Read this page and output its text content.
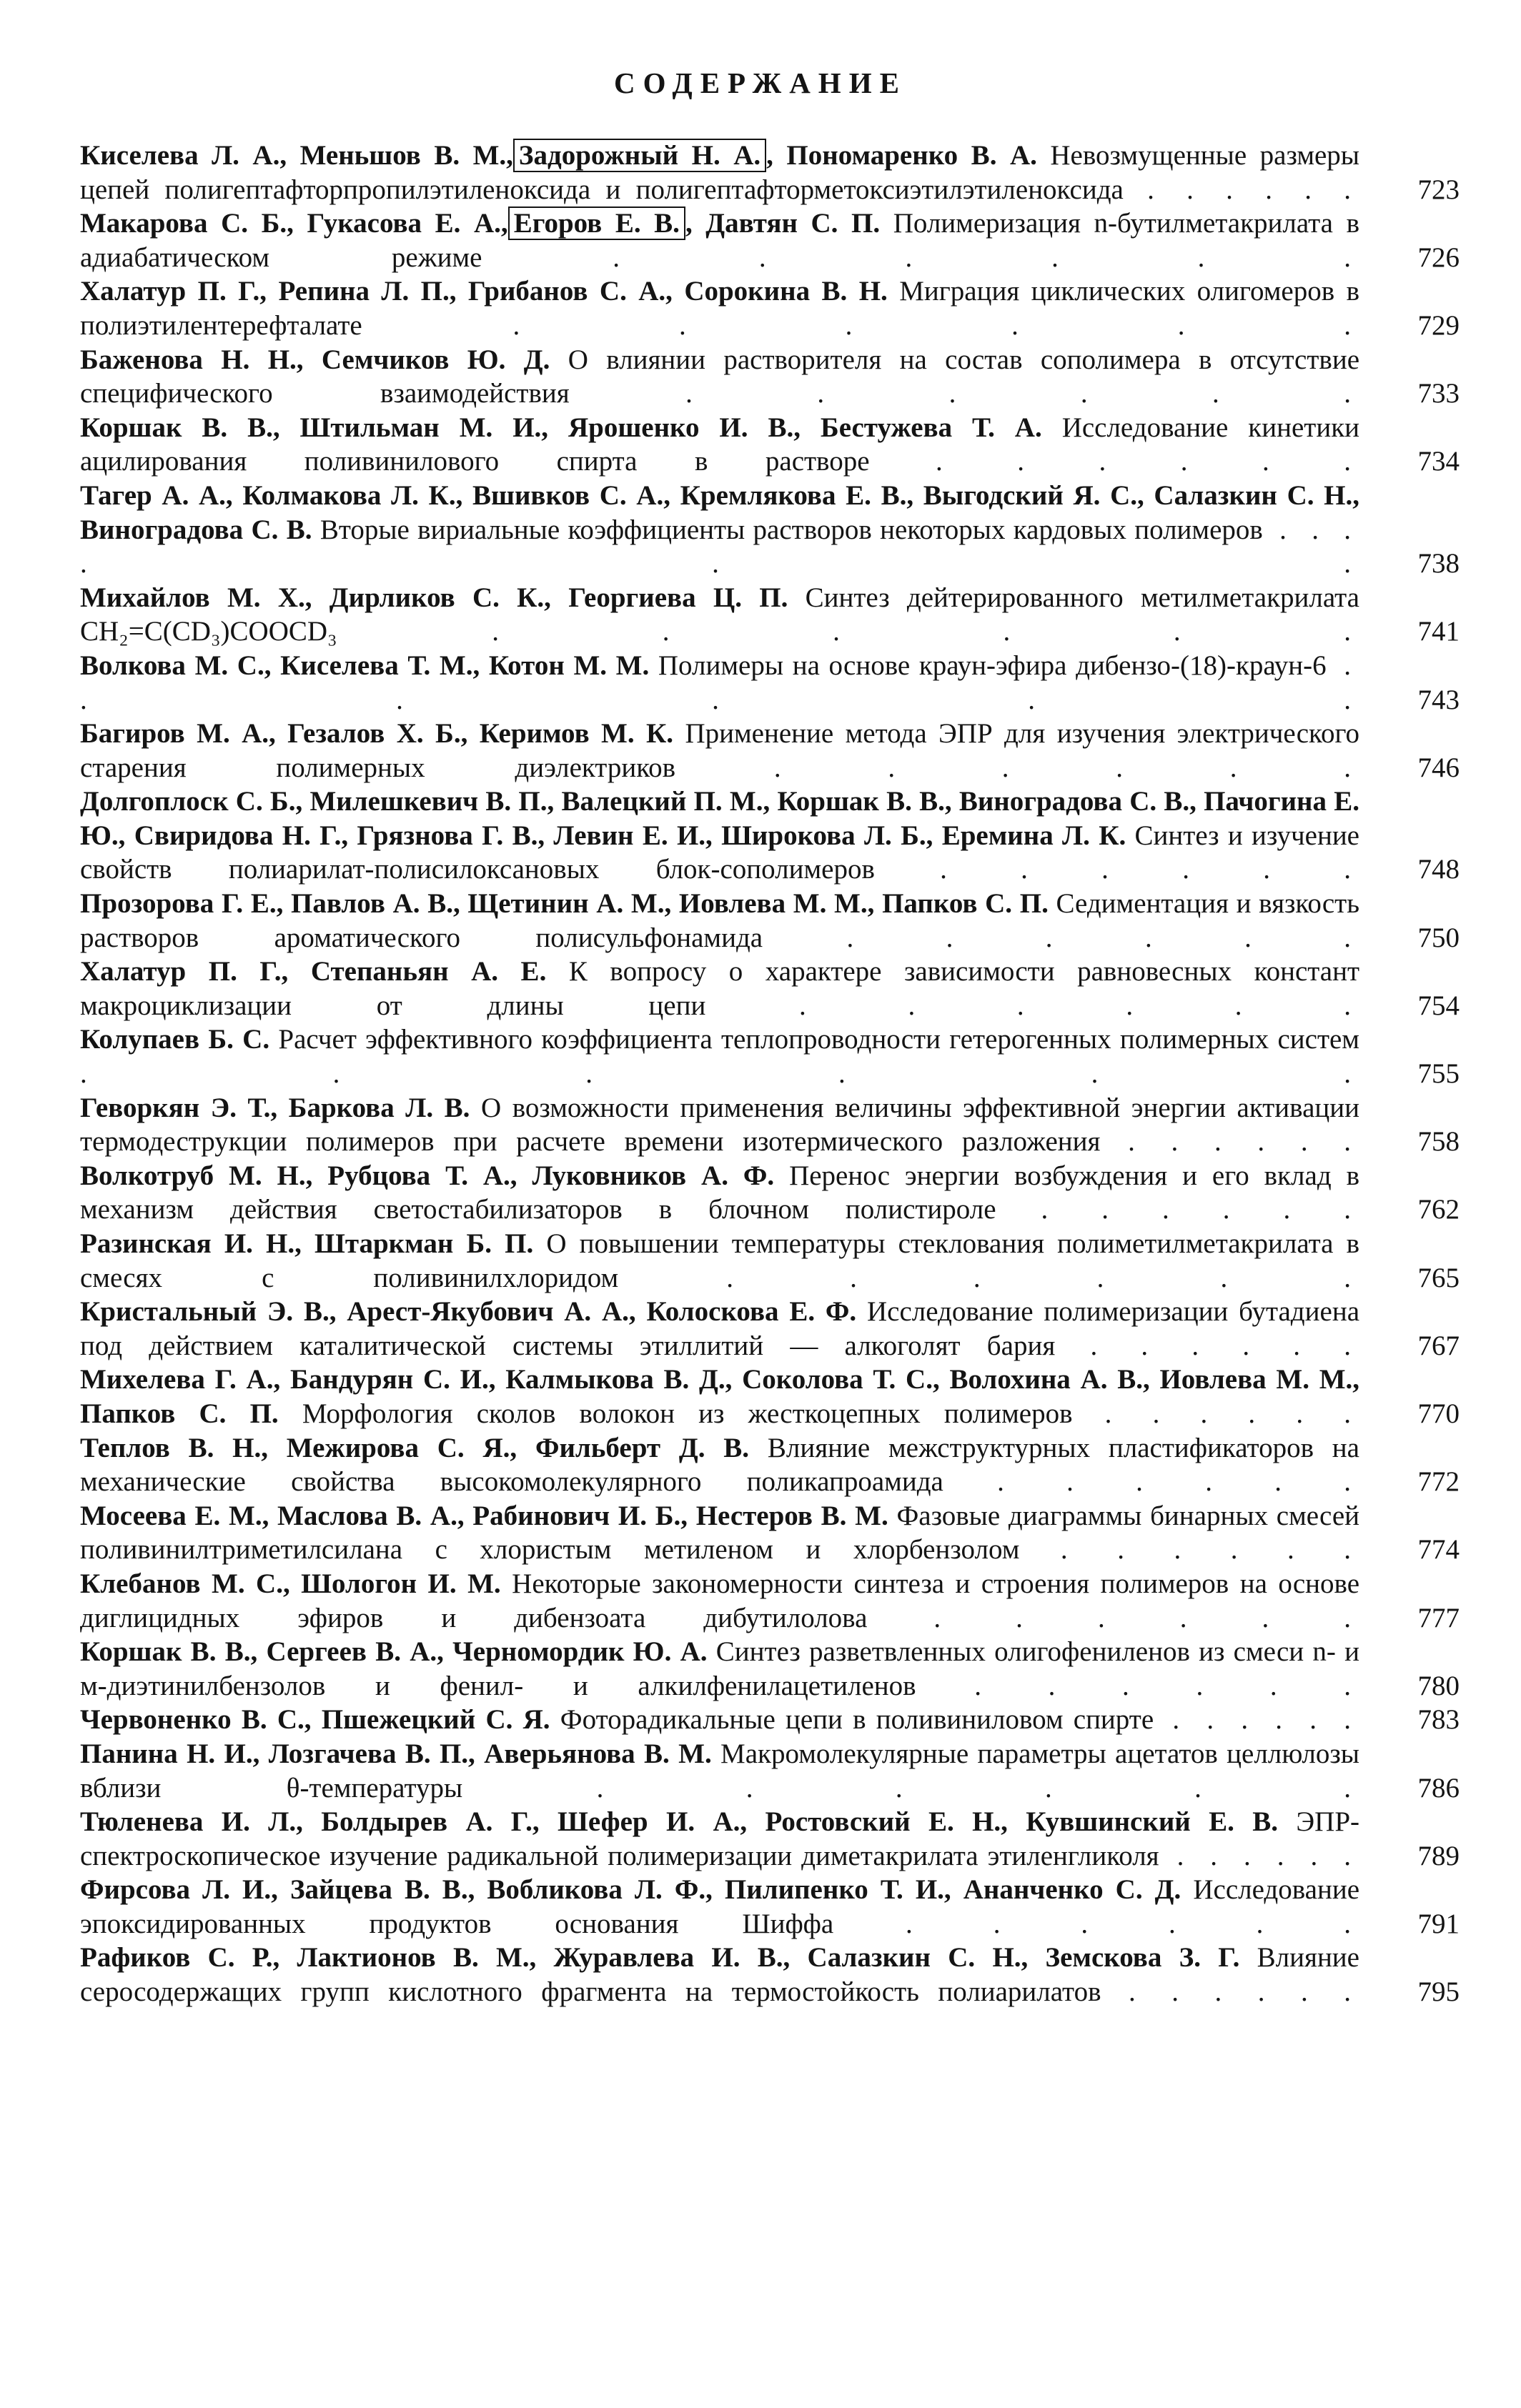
СОДЕРЖАНИЕ
Киселева Л. А., Меньшов В. М., Задорожный Н. А. , Пономаренко В. А. Невозмущенные размеры цепей полигептафторпропилэтиленоксида и полигептафторметоксиэтилэтиленоксида . . . . . .	723
Макарова С. Б., Гукасова Е. А., Егоров Е. В. , Давтян С. П. Полимеризация n-бутилметакрилата в адиабатическом режиме . . . . . .	726
Халатур П. Г., Репина Л. П., Грибанов С. А., Сорокина В. Н. Миграция циклических олигомеров в полиэтилентерефталате . . . . . .	729
Баженова Н. Н., Семчиков Ю. Д. О влиянии растворителя на состав сополимера в отсутствие специфического взаимодействия . . . . . .	733
Коршак В. В., Штильман М. И., Ярошенко И. В., Бестужева Т. А. Исследование кинетики ацилирования поливинилового спирта в растворе . . . . . .	734
Тагер А. А., Колмакова Л. К., Вшивков С. А., Кремлякова Е. В., Выгодский Я. С., Салазкин С. Н., Виноградова С. В. Вторые вириальные коэффициенты растворов некоторых кардовых полимеров . . . . . .	738
Михайлов М. Х., Дирликов С. К., Георгиева Ц. П. Синтез дейтерированного метилметакрилата CH₂=C(CD₃)COOCD₃ . . . . . .	741
Волкова М. С., Киселева Т. М., Котон М. М. Полимеры на основе краун-эфира дибензо-(18)-краун-6 . . . . . .	743
Багиров М. А., Гезалов Х. Б., Керимов М. К. Применение метода ЭПР для изучения электрического старения полимерных диэлектриков . . . . . .	746
Долгоплоск С. Б., Милешкевич В. П., Валецкий П. М., Коршак В. В., Виноградова С. В., Пачогина Е. Ю., Свиридова Н. Г., Грязнова Г. В., Левин Е. И., Широкова Л. Б., Еремина Л. К. Синтез и изучение свойств полиарилат-полисилоксановых блок-сополимеров . . . . . .	748
Прозорова Г. Е., Павлов А. В., Щетинин А. М., Иовлева М. М., Папков С. П. Седиментация и вязкость растворов ароматического полисульфонамида . . . . . .	750
Халатур П. Г., Степаньян А. Е. К вопросу о характере зависимости равновесных констант макроциклизации от длины цепи . . . . . .	754
Колупаев Б. С. Расчет эффективного коэффициента теплопроводности гетерогенных полимерных систем . . . . . .	755
Геворкян Э. Т., Баркова Л. В. О возможности применения величины эффективной энергии активации термодеструкции полимеров при расчете времени изотермического разложения . . . . . .	758
Волкотруб М. Н., Рубцова Т. А., Луковников А. Ф. Перенос энергии возбуждения и его вклад в механизм действия светостабилизаторов в блочном полистироле . . . . . .	762
Разинская И. Н., Штаркман Б. П. О повышении температуры стеклования полиметилметакрилата в смесях с поливинилхлоридом . . . . . .	765
Кристальный Э. В., Арест-Якубович А. А., Колоскова Е. Ф. Исследование полимеризации бутадиена под действием каталитической системы этиллитий — алкоголят бария . . . . . .	767
Михелева Г. А., Бандурян С. И., Калмыкова В. Д., Соколова Т. С., Волохина А. В., Иовлева М. М., Папков С. П. Морфология сколов волокон из жесткоцепных полимеров . . . . . .	770
Теплов В. Н., Межирова С. Я., Фильберт Д. В. Влияние межструктурных пластификаторов на механические свойства высокомолекулярного поликапроамида . . . . . .	772
Мосеева Е. М., Маслова В. А., Рабинович И. Б., Нестеров В. М. Фазовые диаграммы бинарных смесей поливинилтриметилсилана с хлористым метиленом и хлорбензолом . . . . . .	774
Клебанов М. С., Шологон И. М. Некоторые закономерности синтеза и строения полимеров на основе диглицидных эфиров и дибензоата дибутилолова . . . . . .	777
Коршак В. В., Сергеев В. А., Черномордик Ю. А. Синтез разветвленных олигофениленов из смеси n- и м-диэтинилбензолов и фенил- и алкилфенилацетиленов . . . . . .	780
Червоненко В. С., Пшежецкий С. Я. Фоторадикальные цепи в поливиниловом спирте . . . . . .	783
Панина Н. И., Лозгачева В. П., Аверьянова В. М. Макромолекулярные параметры ацетатов целлюлозы вблизи θ-температуры . . . . . .	786
Тюленева И. Л., Болдырев А. Г., Шефер И. А., Ростовский Е. Н., Кувшинский Е. В. ЭПР-спектроскопическое изучение радикальной полимеризации диметакрилата этиленгликоля . . . . . .	789
Фирсова Л. И., Зайцева В. В., Вобликова Л. Ф., Пилипенко Т. И., Ананченко С. Д. Исследование эпоксидированных продуктов основания Шиффа . . . . . .	791
Рафиков С. Р., Лактионов В. М., Журавлева И. В., Салазкин С. Н., Земскова З. Г. Влияние серосодержащих групп кислотного фрагмента на термостойкость полиарилатов . . . . . .	795
